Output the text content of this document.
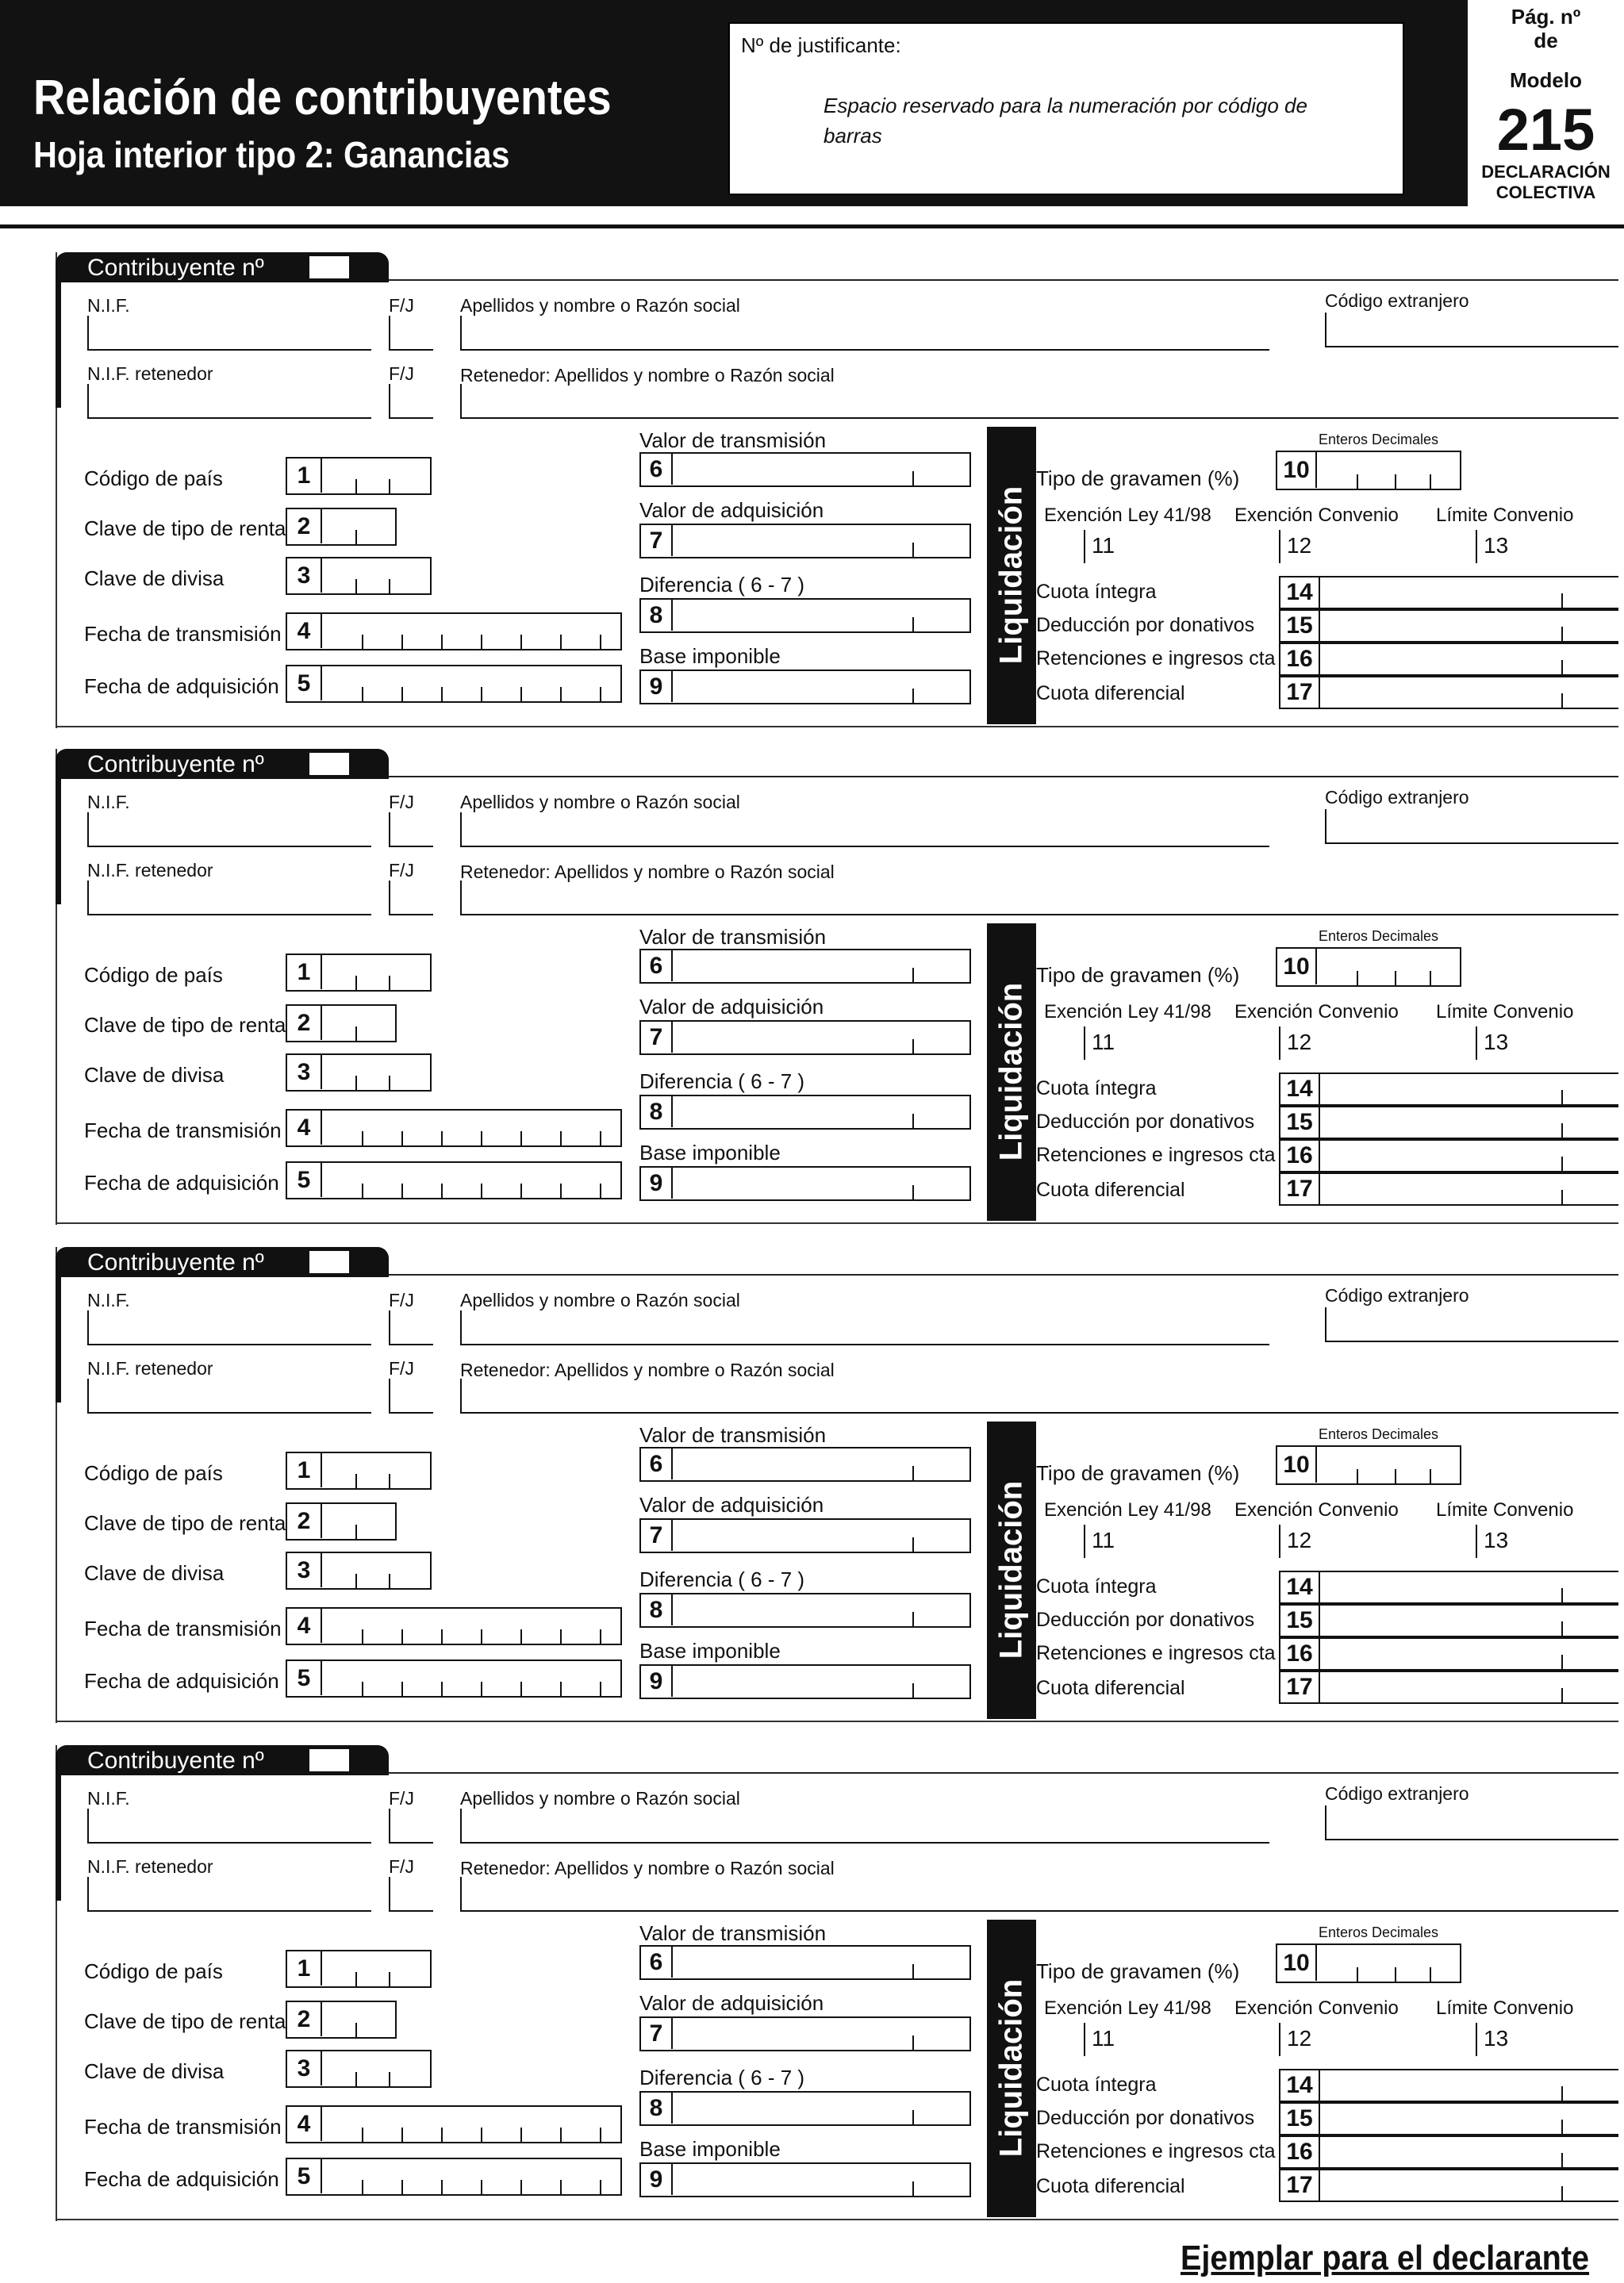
Relación de contribuyentes
Hoja interior tipo 2: Ganancias
Nº de justificante:
Espacio reservado para la numeración por código de barras
Pág. nº
de
Modelo
215
DECLARACIÓN
COLECTIVA
Contribuyente nº
N.I.F.	F/J	Apellidos y nombre o Razón social	Código extranjero
N.I.F. retenedor	F/J	Retenedor: Apellidos y nombre o Razón social
Código de país	1
Clave de tipo de renta 2
Clave de divisa	3
Fecha de transmisión 4
Fecha de adquisición 5
Valor de transmisión
6
Valor de adquisición
7
Diferencia ( 6 - 7 )
8
Base imponible
9
Liquidación
Enteros Decimales
Tipo de gravamen (%) 10
Exención Ley 41/98 Exención Convenio Límite Convenio
11	12	13
Cuota íntegra	14
Deducción por donativos 15
Retenciones e ingresos cta 16
Cuota diferencial	17
Contribuyente nº
N.I.F.	F/J	Apellidos y nombre o Razón social	Código extranjero
N.I.F. retenedor	F/J	Retenedor: Apellidos y nombre o Razón social
Código de país	1
Clave de tipo de renta 2
Clave de divisa	3
Fecha de transmisión 4
Fecha de adquisición 5
Valor de transmisión
6
Valor de adquisición
7
Diferencia ( 6 - 7 )
8
Base imponible
9
Liquidación
Enteros Decimales
Tipo de gravamen (%) 10
Exención Ley 41/98 Exención Convenio Límite Convenio
11	12	13
Cuota íntegra	14
Deducción por donativos 15
Retenciones e ingresos cta 16
Cuota diferencial	17
Contribuyente nº
N.I.F.	F/J	Apellidos y nombre o Razón social	Código extranjero
N.I.F. retenedor	F/J	Retenedor: Apellidos y nombre o Razón social
Código de país	1
Clave de tipo de renta 2
Clave de divisa	3
Fecha de transmisión 4
Fecha de adquisición 5
Valor de transmisión
6
Valor de adquisición
7
Diferencia ( 6 - 7 )
8
Base imponible
9
Liquidación
Enteros Decimales
Tipo de gravamen (%) 10
Exención Ley 41/98 Exención Convenio Límite Convenio
11	12	13
Cuota íntegra	14
Deducción por donativos 15
Retenciones e ingresos cta 16
Cuota diferencial	17
Contribuyente nº
N.I.F.	F/J	Apellidos y nombre o Razón social	Código extranjero
N.I.F. retenedor	F/J	Retenedor: Apellidos y nombre o Razón social
Código de país	1
Clave de tipo de renta 2
Clave de divisa	3
Fecha de transmisión 4
Fecha de adquisición 5
Valor de transmisión
6
Valor de adquisición
7
Diferencia ( 6 - 7 )
8
Base imponible
9
Liquidación
Enteros Decimales
Tipo de gravamen (%) 10
Exención Ley 41/98 Exención Convenio Límite Convenio
11	12	13
Cuota íntegra	14
Deducción por donativos 15
Retenciones e ingresos cta 16
Cuota diferencial	17
Ejemplar para el declarante
